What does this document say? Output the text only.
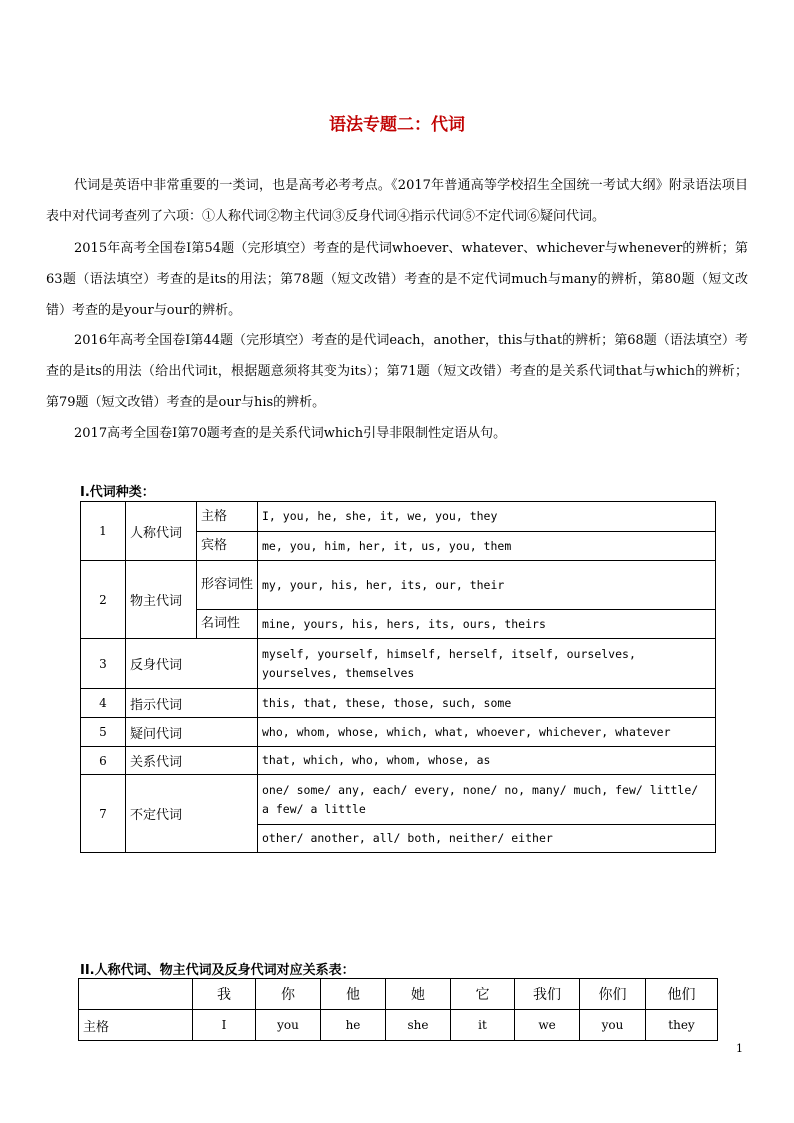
语法专题二：代词

代词是英语中非常重要的一类词，也是高考必考考点。《2017年普通高等学校招生全国统一考试大纲》附录语法项目表中对代词考查列了六项：①人称代词②物主代词③反身代词④指示代词⑤不定代词⑥疑问代词。

2015年高考全国卷Ⅰ第54题（完形填空）考查的是代词whoever、whatever、whichever与whenever的辨析；第63题（语法填空）考查的是its的用法；第78题（短文改错）考查的是不定代词much与many的辨析，第80题（短文改错）考查的是your与our的辨析。

2016年高考全国卷Ⅰ第44题（完形填空）考查的是代词each，another，this与that的辨析；第68题（语法填空）考查的是its的用法（给出代词it，根据题意须将其变为its）；第71题（短文改错）考查的是关系代词that与which的辨析；第79题（短文改错）考查的是our与his的辨析。

2017高考全国卷Ⅰ第70题考查的是关系代词which引导非限制性定语从句。

I.代词种类：
1	人称代词	主格	I, you, he, she, it, we, you, they
		宾格	me, you, him, her, it, us, you, them
2	物主代词	形容词性	my, your, his, her, its, our, their
		名词性	mine, yours, his, hers, its, ours, theirs
3	反身代词		myself, yourself, himself, herself, itself, ourselves, yourselves, themselves
4	指示代词		this, that, these, those, such, some
5	疑问代词		who, whom, whose, which, what, whoever, whichever, whatever
6	关系代词		that, which, who, whom, whose, as
7	不定代词		one/ some/ any, each/ every, none/ no, many/ much, few/ little/ a few/ a little
			other/ another, all/ both, neither/ either
II.人称代词、物主代词及反身代词对应关系表：
	我	你	他	她	它	我们	你们	他们
主格	I	you	he	she	it	we	you	they
1
